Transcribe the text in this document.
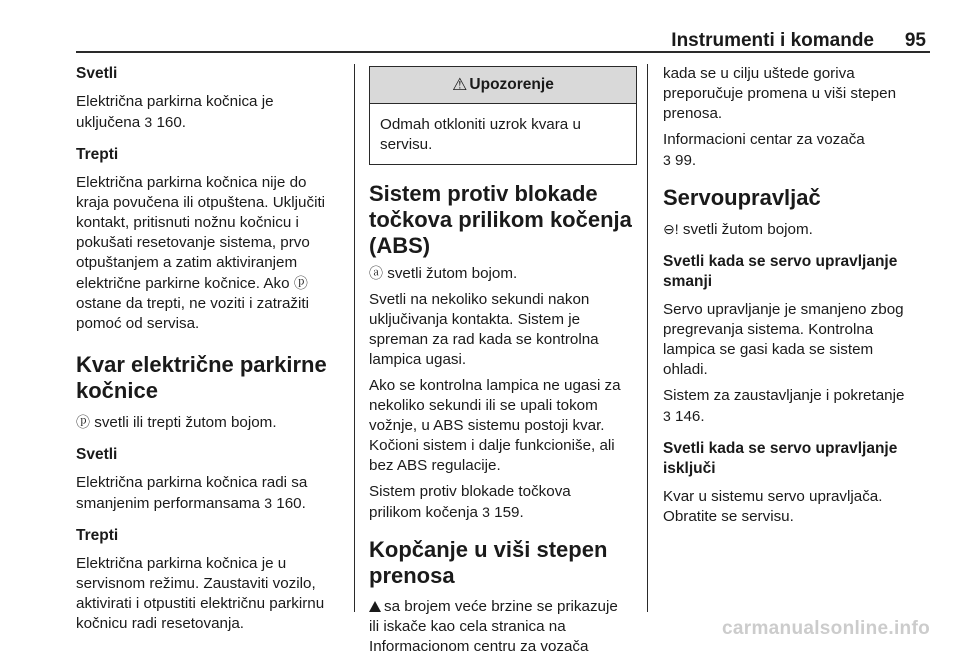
Instrumenti i komande 95
Svetli
Električna parkirna kočnica je
uključena 3 160.
Trepti
Električna parkirna kočnica nije do
kraja povučena ili otpuštena. Uključiti
kontakt, pritisnuti nožnu kočnicu i
pokušati resetovanje sistema, prvo
otpuštanjem a zatim aktiviranjem
električne parkirne kočnice. Ako ⓟ
ostane da trepti, ne voziti i zatražiti
pomoć od servisa.
Kvar električne parkirne
kočnice
ⓟ svetli ili trepti žutom bojom.
Svetli
Električna parkirna kočnica radi sa
smanjenim performansama 3 160.
Trepti
Električna parkirna kočnica je u
servisnom režimu. Zaustaviti vozilo,
aktivirati i otpustiti električnu parkirnu
kočnicu radi resetovanja.
⚠ Upozorenje
Odmah otkloniti uzrok kvara u
servisu.
Sistem protiv blokade
točkova prilikom kočenja
(ABS)
ⓐ svetli žutom bojom.
Svetli na nekoliko sekundi nakon
uključivanja kontakta. Sistem je
spreman za rad kada se kontrolna
lampica ugasi.
Ako se kontrolna lampica ne ugasi za
nekoliko sekundi ili se upali tokom
vožnje, u ABS sistemu postoji kvar.
Kočioni sistem i dalje funkcioniše, ali
bez ABS regulacije.
Sistem protiv blokade točkova
prilikom kočenja 3 159.
Kopčanje u viši stepen
prenosa
sa brojem veće brzine se prikazuje
ili iskače kao cela stranica na
Informacionom centru za vozača
kada se u cilju uštede goriva
preporučuje promena u viši stepen
prenosa.
Informacioni centar za vozača
3 99.
Servoupravljač
⊖! svetli žutom bojom.
Svetli kada se servo upravljanje
smanji
Servo upravljanje je smanjeno zbog
pregrevanja sistema. Kontrolna
lampica se gasi kada se sistem
ohladi.
Sistem za zaustavljanje i pokretanje
3 146.
Svetli kada se servo upravljanje
isključi
Kvar u sistemu servo upravljača.
Obratite se servisu.
carmanualsonline.info
